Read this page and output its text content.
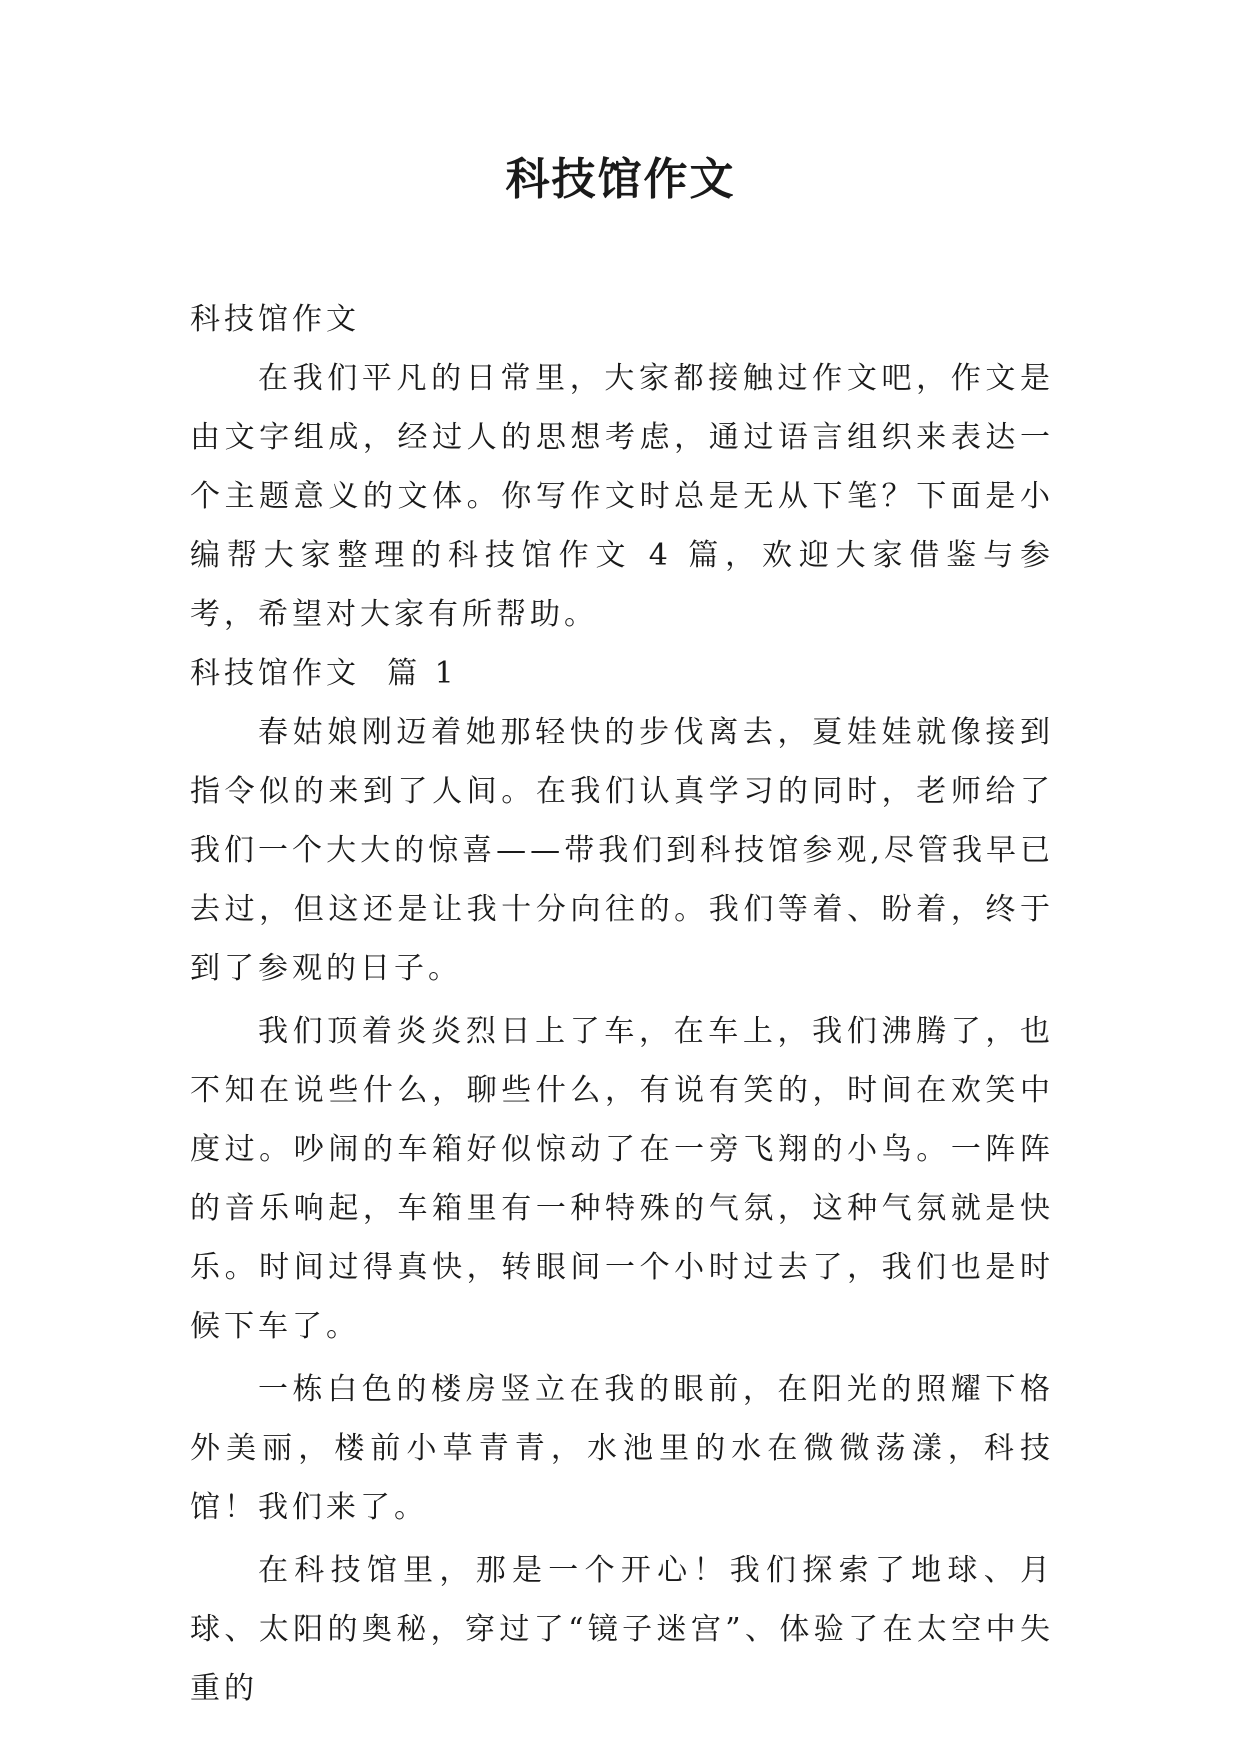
科技馆作文

科技馆作文

在我们平凡的日常里，大家都接触过作文吧，作文是由文字组成，经过人的思想考虑，通过语言组织来表达一个主题意义的文体。你写作文时总是无从下笔？下面是小编帮大家整理的科技馆作文 4 篇，欢迎大家借鉴与参考，希望对大家有所帮助。

科技馆作文  篇 1

春姑娘刚迈着她那轻快的步伐离去，夏娃娃就像接到指令似的来到了人间。在我们认真学习的同时，老师给了我们一个大大的惊喜——带我们到科技馆参观,尽管我早已去过，但这还是让我十分向往的。我们等着、盼着，终于到了参观的日子。

我们顶着炎炎烈日上了车，在车上，我们沸腾了，也不知在说些什么，聊些什么，有说有笑的，时间在欢笑中度过。吵闹的车箱好似惊动了在一旁飞翔的小鸟。一阵阵的音乐响起，车箱里有一种特殊的气氛，这种气氛就是快乐。时间过得真快，转眼间一个小时过去了，我们也是时候下车了。

一栋白色的楼房竖立在我的眼前，在阳光的照耀下格外美丽，楼前小草青青，水池里的水在微微荡漾，科技馆！我们来了。

在科技馆里，那是一个开心！我们探索了地球、月球、太阳的奥秘，穿过了“镜子迷宫”、体验了在太空中失重的
